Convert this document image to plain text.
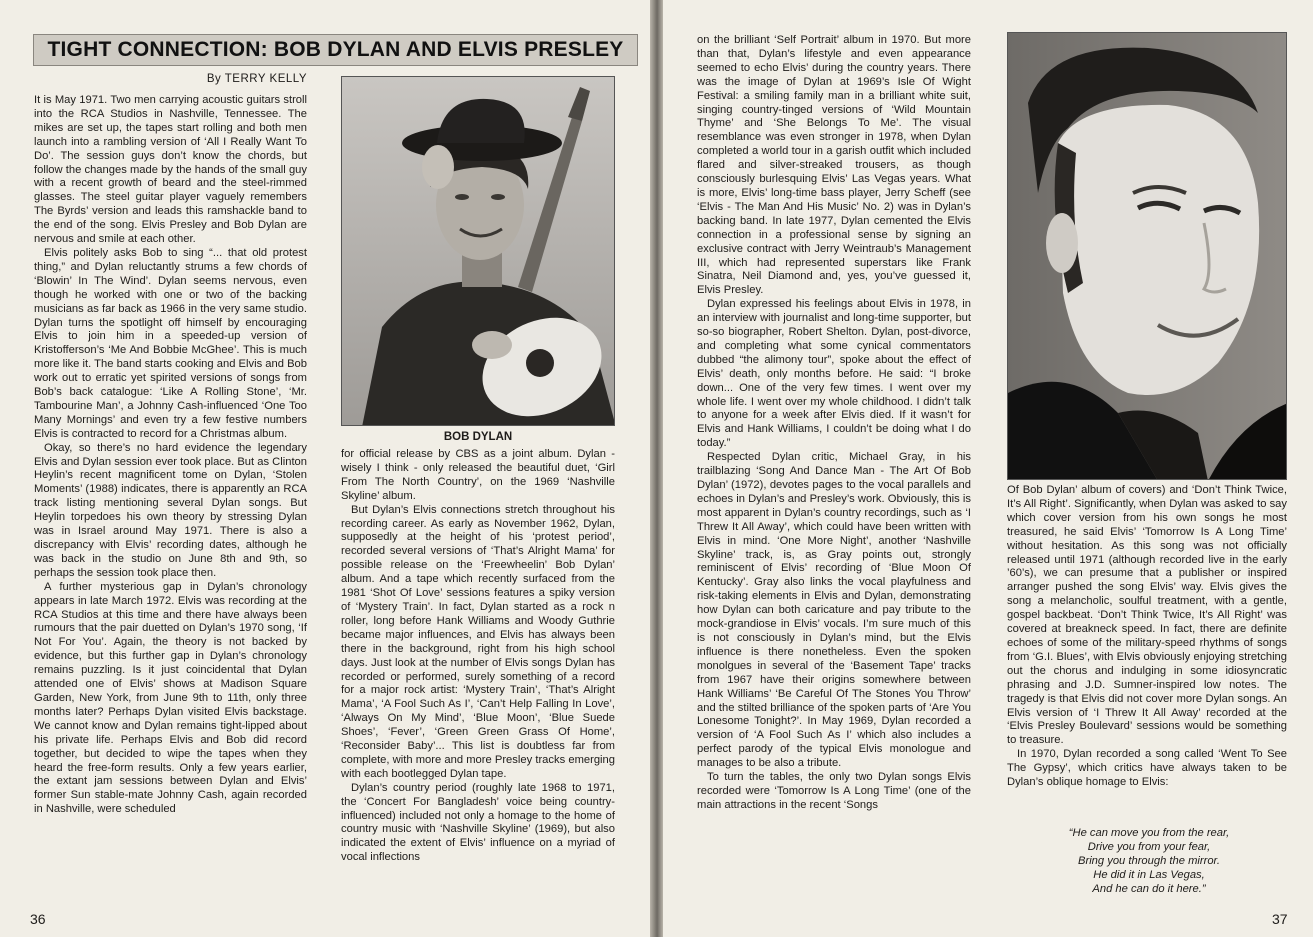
TIGHT CONNECTION: BOB DYLAN AND ELVIS PRESLEY
By TERRY KELLY

It is May 1971. Two men carrying acoustic guitars stroll into the RCA Studios in Nashville, Tennessee. The mikes are set up, the tapes start rolling and both men launch into a rambling version of ‘All I Really Want To Do’. The session guys don’t know the chords, but follow the changes made by the hands of the small guy with a recent growth of beard and the steel-rimmed glasses. The steel guitar player vaguely remembers The Byrds’ version and leads this ramshackle band to the end of the song. Elvis Presley and Bob Dylan are nervous and smile at each other.

Elvis politely asks Bob to sing “... that old protest thing,” and Dylan reluctantly strums a few chords of ‘Blowin’ In The Wind’. Dylan seems nervous, even though he worked with one or two of the backing musicians as far back as 1966 in the very same studio. Dylan turns the spotlight off himself by encouraging Elvis to join him in a speeded-up version of Kristofferson’s ‘Me And Bobbie McGhee’. This is much more like it. The band starts cooking and Elvis and Bob work out to erratic yet spirited versions of songs from Bob’s back catalogue: ‘Like A Rolling Stone’, ‘Mr. Tambourine Man’, a Johnny Cash-influenced ‘One Too Many Mornings’ and even try a few festive numbers Elvis is contracted to record for a Christmas album.

Okay, so there’s no hard evidence the legendary Elvis and Dylan session ever took place. But as Clinton Heylin’s recent magnificent tome on Dylan, ‘Stolen Moments’ (1988) indicates, there is apparently an RCA track listing mentioning several Dylan songs. But Heylin torpedoes his own theory by stressing Dylan was in Israel around May 1971. There is also a discrepancy with Elvis’ recording dates, although he was back in the studio on June 8th and 9th, so perhaps the session took place then.

A further mysterious gap in Dylan’s chronology appears in late March 1972. Elvis was recording at the RCA Studios at this time and there have always been rumours that the pair duetted on Dylan’s 1970 song, ‘If Not For You’. Again, the theory is not backed by evidence, but this further gap in Dylan’s chronology remains puzzling. Is it just coincidental that Dylan attended one of Elvis’ shows at Madison Square Garden, New York, from June 9th to 11th, only three months later? Perhaps Dylan visited Elvis backstage. We cannot know and Dylan remains tight-lipped about his private life. Perhaps Elvis and Bob did record together, but decided to wipe the tapes when they heard the free-form results. Only a few years earlier, the extant jam sessions between Dylan and Elvis’ former Sun stable-mate Johnny Cash, again recorded in Nashville, were scheduled

BOB DYLAN

for official release by CBS as a joint album. Dylan - wisely I think - only released the beautiful duet, ‘Girl From The North Country’, on the 1969 ‘Nashville Skyline’ album.

But Dylan’s Elvis connections stretch throughout his recording career. As early as November 1962, Dylan, supposedly at the height of his ‘protest period’, recorded several versions of ‘That’s Alright Mama’ for possible release on the ‘Freewheelin’ Bob Dylan’ album. And a tape which recently surfaced from the 1981 ‘Shot Of Love’ sessions features a spiky version of ‘Mystery Train’. In fact, Dylan started as a rock n roller, long before Hank Williams and Woody Guthrie became major influences, and Elvis has always been there in the background, right from his high school days. Just look at the number of Elvis songs Dylan has recorded or performed, surely something of a record for a major rock artist: ‘Mystery Train’, ‘That’s Alright Mama’, ‘A Fool Such As I’, ‘Can’t Help Falling In Love’, ‘Always On My Mind’, ‘Blue Moon’, ‘Blue Suede Shoes’, ‘Fever’, ‘Green Green Grass Of Home’, ‘Reconsider Baby’... This list is doubtless far from complete, with more and more Presley tracks emerging with each bootlegged Dylan tape.

Dylan’s country period (roughly late 1968 to 1971, the ‘Concert For Bangladesh’ voice being country-influenced) included not only a homage to the home of country music with ‘Nashville Skyline’ (1969), but also indicated the extent of Elvis’ influence on a myriad of vocal inflections

36

on the brilliant ‘Self Portrait’ album in 1970. But more than that, Dylan’s lifestyle and even appearance seemed to echo Elvis’ during the country years. There was the image of Dylan at 1969’s Isle Of Wight Festival: a smiling family man in a brilliant white suit, singing country-tinged versions of ‘Wild Mountain Thyme’ and ‘She Belongs To Me’. The visual resemblance was even stronger in 1978, when Dylan completed a world tour in a garish outfit which included flared and silver-streaked trousers, as though consciously burlesquing Elvis’ Las Vegas years. What is more, Elvis’ long-time bass player, Jerry Scheff (see ‘Elvis - The Man And His Music’ No. 2) was in Dylan’s backing band. In late 1977, Dylan cemented the Elvis connection in a professional sense by signing an exclusive contract with Jerry Weintraub’s Management III, which had represented superstars like Frank Sinatra, Neil Diamond and, yes, you’ve guessed it, Elvis Presley.

Dylan expressed his feelings about Elvis in 1978, in an interview with journalist and long-time supporter, but so-so biographer, Robert Shelton. Dylan, post-divorce, and completing what some cynical commentators dubbed “the alimony tour”, spoke about the effect of Elvis’ death, only months before. He said: “I broke down... One of the very few times. I went over my whole life. I went over my whole childhood. I didn’t talk to anyone for a week after Elvis died. If it wasn’t for Elvis and Hank Williams, I couldn’t be doing what I do today.”

Respected Dylan critic, Michael Gray, in his trailblazing ‘Song And Dance Man - The Art Of Bob Dylan’ (1972), devotes pages to the vocal parallels and echoes in Dylan’s and Presley’s work. Obviously, this is most apparent in Dylan’s country recordings, such as ‘I Threw It All Away’, which could have been written with Elvis in mind. ‘One More Night’, another ‘Nashville Skyline’ track, is, as Gray points out, strongly reminiscent of Elvis’ recording of ‘Blue Moon Of Kentucky’. Gray also links the vocal playfulness and risk-taking elements in Elvis and Dylan, demonstrating how Dylan can both caricature and pay tribute to the mock-grandiose in Elvis’ vocals. I’m sure much of this is not consciously in Dylan’s mind, but the Elvis influence is there nonetheless. Even the spoken monolgues in several of the ‘Basement Tape’ tracks from 1967 have their origins somewhere between Hank Williams’ ‘Be Careful Of The Stones You Throw’ and the stilted brilliance of the spoken parts of ‘Are You Lonesome Tonight?’. In May 1969, Dylan recorded a version of ‘A Fool Such As I’ which also includes a perfect parody of the typical Elvis monologue and manages to be also a tribute.

To turn the tables, the only two Dylan songs Elvis recorded were ‘Tomorrow Is A Long Time’ (one of the main attractions in the recent ‘Songs

Of Bob Dylan’ album of covers) and ‘Don’t Think Twice, It’s All Right’. Significantly, when Dylan was asked to say which cover version from his own songs he most treasured, he said Elvis’ ‘Tomorrow Is A Long Time’ without hesitation. As this song was not officially released until 1971 (although recorded live in the early ’60’s), we can presume that a publisher or inspired arranger pushed the song Elvis’ way. Elvis gives the song a melancholic, soulful treatment, with a gentle, gospel backbeat. ‘Don’t Think Twice, It’s All Right’ was covered at breakneck speed. In fact, there are definite echoes of some of the military-speed rhythms of songs from ‘G.I. Blues’, with Elvis obviously enjoying stretching out the chorus and indulging in some idiosyncratic phrasing and J.D. Sumner-inspired low notes. The tragedy is that Elvis did not cover more Dylan songs. An Elvis version of ‘I Threw It All Away’ recorded at the ‘Elvis Presley Boulevard’ sessions would be something to treasure.

In 1970, Dylan recorded a song called ‘Went To See The Gypsy’, which critics have always taken to be Dylan’s oblique homage to Elvis:

37
“He can move you from the rear,
Drive you from your fear,
Bring you through the mirror.
He did it in Las Vegas,
And he can do it here.”
